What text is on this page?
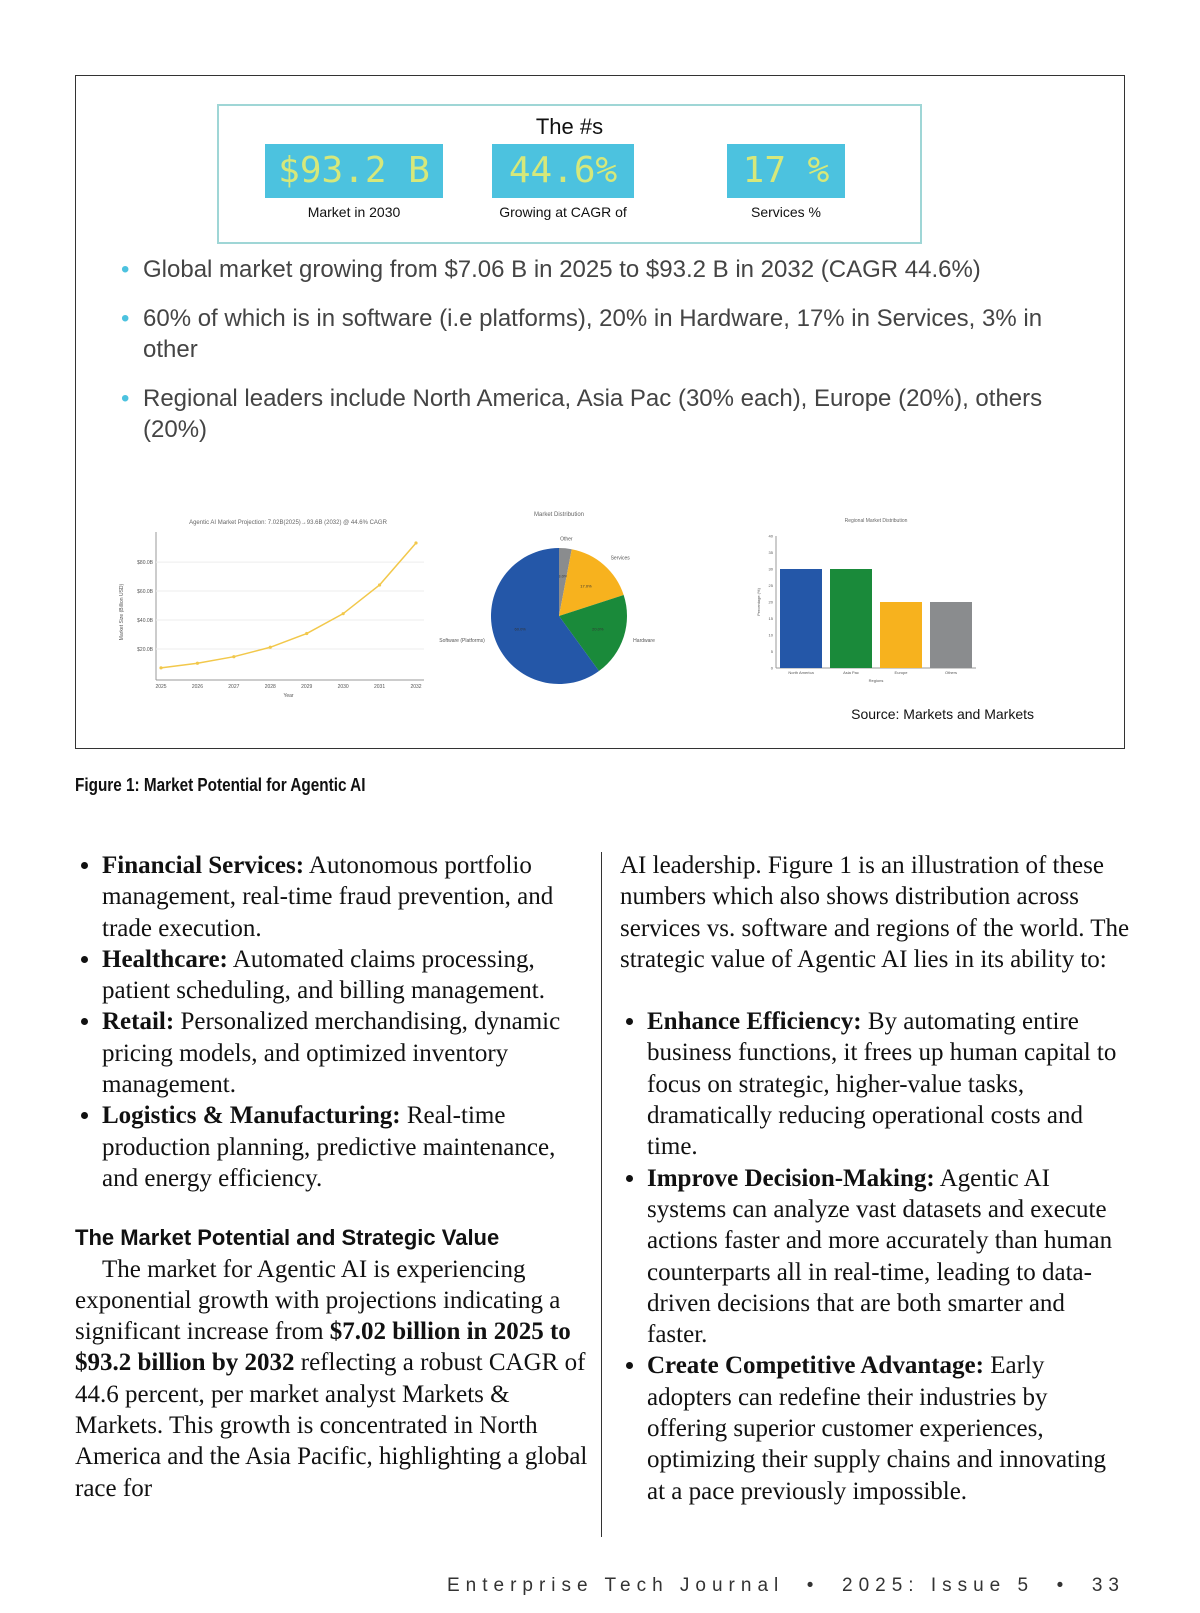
The #s
$93.2 B
Market in 2030
44.6%
Growing at CAGR of
17 %
Services %
• Global market growing from $7.06 B in 2025 to $93.2 B in 2032 (CAGR 44.6%)
• 60% of which is in software (i.e platforms), 20% in Hardware, 17% in Services, 3% in other
• Regional leaders include North America, Asia Pac (30% each), Europe (20%), others (20%)
Agentic AI Market Projection: 7.02B(2025)→93.6B (2032) @ 44.6% CAGR
$20.0B
$40.0B
$60.0B
$80.0B
2025	2026	2027	2028	2029	2030	2031	2032
Year
Market Size (Billion USD)
Market Distribution
3.0%
Other
17.0%
Services
20.0%
Hardware
60.0%
Software (Platforms)
Regional Market Distribution
0
5
10
15
20
25
30
35
40
North America	Asia Pac	Europe	Others
Regions
Percentage (%)
Source: Markets and Markets
Figure 1: Market Potential for Agentic AI
• Financial Services: Autonomous portfolio management, real-time fraud prevention, and trade execution.
• Healthcare: Automated claims processing, patient scheduling, and billing management.
• Retail: Personalized merchandising, dynamic pricing models, and optimized inventory management.
• Logistics & Manufacturing: Real-time production planning, predictive maintenance, and energy efficiency.
The Market Potential and Strategic Value

The market for Agentic AI is experiencing exponential growth with projections indicating a significant increase from $7.02 billion in 2025 to $93.2 billion by 2032 reflecting a robust CAGR of 44.6 percent, per market analyst Markets & Markets. This growth is concentrated in North America and the Asia Pacific, highlighting a global race for

AI leadership. Figure 1 is an illustration of these numbers which also shows distribution across services vs. software and regions of the world. The strategic value of Agentic AI lies in its ability to:

• Enhance Efficiency: By automating entire business functions, it frees up human capital to focus on strategic, higher-value tasks, dramatically reducing operational costs and time.
• Improve Decision-Making: Agentic AI systems can analyze vast datasets and execute actions faster and more accurately than human counterparts all in real-time, leading to data-driven decisions that are both smarter and faster.
• Create Competitive Advantage: Early adopters can redefine their industries by offering superior customer experiences, optimizing their supply chains and innovating at a pace previously impossible.
Enterprise Tech Journal  •  2025: Issue 5  •  33
